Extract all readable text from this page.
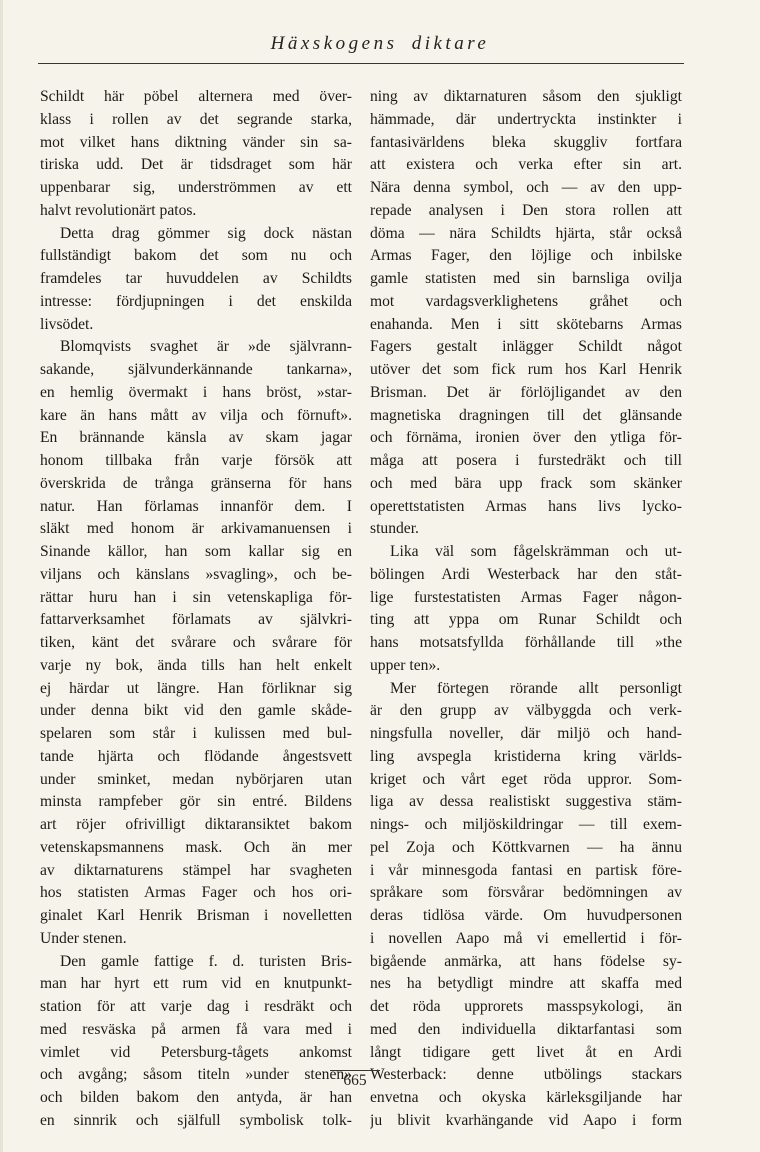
Häxskogens diktare
Schildt här pöbel alternera med över-
klass i rollen av det segrande starka,
mot vilket hans diktning vänder sin sa-
tiriska udd. Det är tidsdraget som här
uppenbarar sig, underströmmen av ett
halvt revolutionärt patos.
Detta drag gömmer sig dock nästan
fullständigt bakom det som nu och
framdeles tar huvuddelen av Schildts
intresse: fördjupningen i det enskilda
livsödet.
Blomqvists svaghet är »de självrann-
sakande, självunderkännande tankarna»,
en hemlig övermakt i hans bröst, »star-
kare än hans mått av vilja och förnuft».
En brännande känsla av skam jagar
honom tillbaka från varje försök att
överskrida de trånga gränserna för hans
natur. Han förlamas innanför dem. I
släkt med honom är arkivamanuensen i
Sinande källor, han som kallar sig en
viljans och känslans »svagling», och be-
rättar huru han i sin vetenskapliga för-
fattarverksamhet förlamats av självkri-
tiken, känt det svårare och svårare för
varje ny bok, ända tills han helt enkelt
ej härdar ut längre. Han förliknar sig
under denna bikt vid den gamle skåde-
spelaren som står i kulissen med bul-
tande hjärta och flödande ångestsvett
under sminket, medan nybörjaren utan
minsta rampfeber gör sin entré. Bildens
art röjer ofrivilligt diktaransiktet bakom
vetenskapsmannens mask. Och än mer
av diktarnaturens stämpel har svagheten
hos statisten Armas Fager och hos ori-
ginalet Karl Henrik Brisman i novelletten
Under stenen.
Den gamle fattige f. d. turisten Bris-
man har hyrt ett rum vid en knutpunkt-
station för att varje dag i resdräkt och
med resväska på armen få vara med i
vimlet vid Petersburg-tågets ankomst
och avgång; såsom titeln »under stenen»
och bilden bakom den antyda, är han
en sinnrik och själfull symbolisk tolk-
ning av diktarnaturen såsom den sjukligt
hämmade, där undertryckta instinkter i
fantasivärldens bleka skuggliv fortfara
att existera och verka efter sin art.
Nära denna symbol, och — av den upp-
repade analysen i Den stora rollen att
döma — nära Schildts hjärta, står också
Armas Fager, den löjlige och inbilske
gamle statisten med sin barnsliga ovilja
mot vardagsverklighetens gråhet och
enahanda. Men i sitt skötebarns Armas
Fagers gestalt inlägger Schildt något
utöver det som fick rum hos Karl Henrik
Brisman. Det är förlöjligandet av den
magnetiska dragningen till det glänsande
och förnäma, ironien över den ytliga för-
måga att posera i furstedräkt och till
och med bära upp frack som skänker
operettstatisten Armas hans livs lycko-
stunder.
Lika väl som fågelskrämman och ut-
bölingen Ardi Westerback har den ståt-
lige furstestatisten Armas Fager någon-
ting att yppa om Runar Schildt och
hans motsatsfyllda förhållande till »the
upper ten».
Mer förtegen rörande allt personligt
är den grupp av välbyggda och verk-
ningsfulla noveller, där miljö och hand-
ling avspegla kristiderna kring världs-
kriget och vårt eget röda uppror. Som-
liga av dessa realistiskt suggestiva stäm-
nings- och miljöskildringar — till exem-
pel Zoja och Köttkvarnen — ha ännu
i vår minnesgoda fantasi en partisk före-
språkare som försvårar bedömningen av
deras tidlösa värde. Om huvudpersonen
i novellen Aapo må vi emellertid i för-
bigående anmärka, att hans födelse sy-
nes ha betydligt mindre att skaffa med
det röda upprorets masspsykologi, än
med den individuella diktarfantasi som
långt tidigare gett livet åt en Ardi
Westerback: denne utbölings stackars
envetna och okyska kärleksgiljande har
ju blivit kvarhängande vid Aapo i form
665
